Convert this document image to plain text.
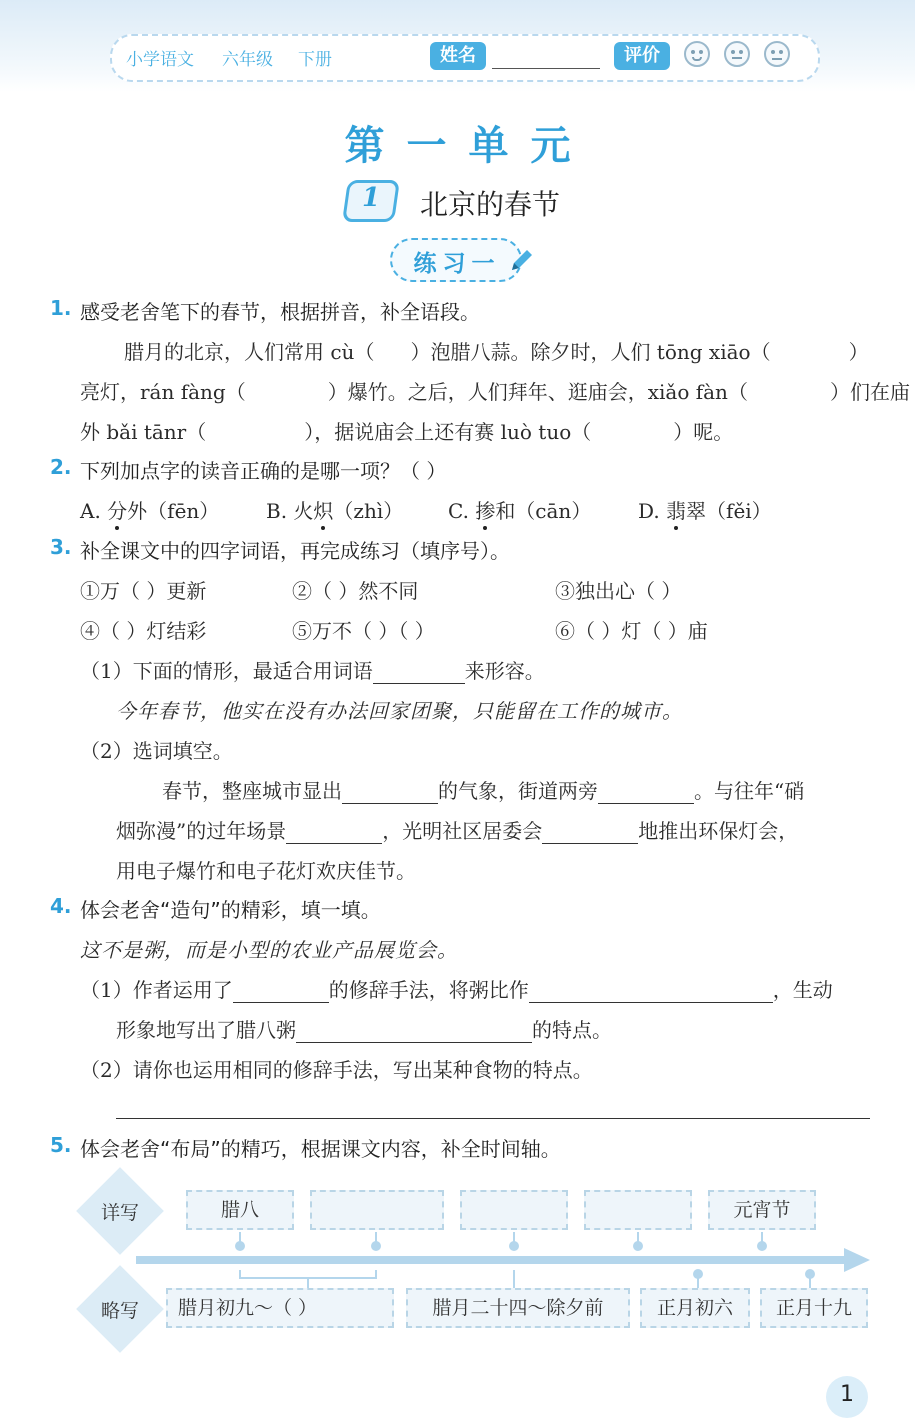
小学语文 六年级 下册	姓名	评价
第一单元
1	北京的春节
练习一
1. 感受老舍笔下的春节，根据拼音，补全语段。
腊月的北京，人们常用 cù（ ）泡腊八蒜。除夕时，人们 tōng xiāo（	）
亮灯，rán fàng（	）爆竹。之后，人们拜年、逛庙会，xiǎo fàn（	）们在庙
外 bǎi tānr（	），据说庙会上还有赛 luò tuo（	）呢。
2. 下列加点字的读音正确的是哪一项？（ ）
A. 分外（fēn） B. 火炽（zhì） C. 掺和（cān） D. 翡翠（fěi）
3. 补全课文中的四字词语，再完成练习（填序号）。
①万（ ）更新	②（ ）然不同	③独出心（ ）
④（ ）灯结彩	⑤万不（ ）（ ）	⑥（ ）灯（ ）庙
（1）下面的情形，最适合用词语	来形容。
今年春节，他实在没有办法回家团聚，只能留在工作的城市。
（2）选词填空。
春节，整座城市显出	的气象，街道两旁	。与往年“硝
烟弥漫”的过年场景	，光明社区居委会	地推出环保灯会，
用电子爆竹和电子花灯欢庆佳节。
4. 体会老舍“造句”的精彩，填一填。
这不是粥，而是小型的农业产品展览会。
（1）作者运用了	的修辞手法，将粥比作	，生动
形象地写出了腊八粥	的特点。
（2）请你也运用相同的修辞手法，写出某种食物的特点。
5. 体会老舍“布局”的精巧，根据课文内容，补全时间轴。
详写
略写
腊八	元宵节
腊月初九～（ ）	腊月二十四～除夕前	正月初六	正月十九
1
